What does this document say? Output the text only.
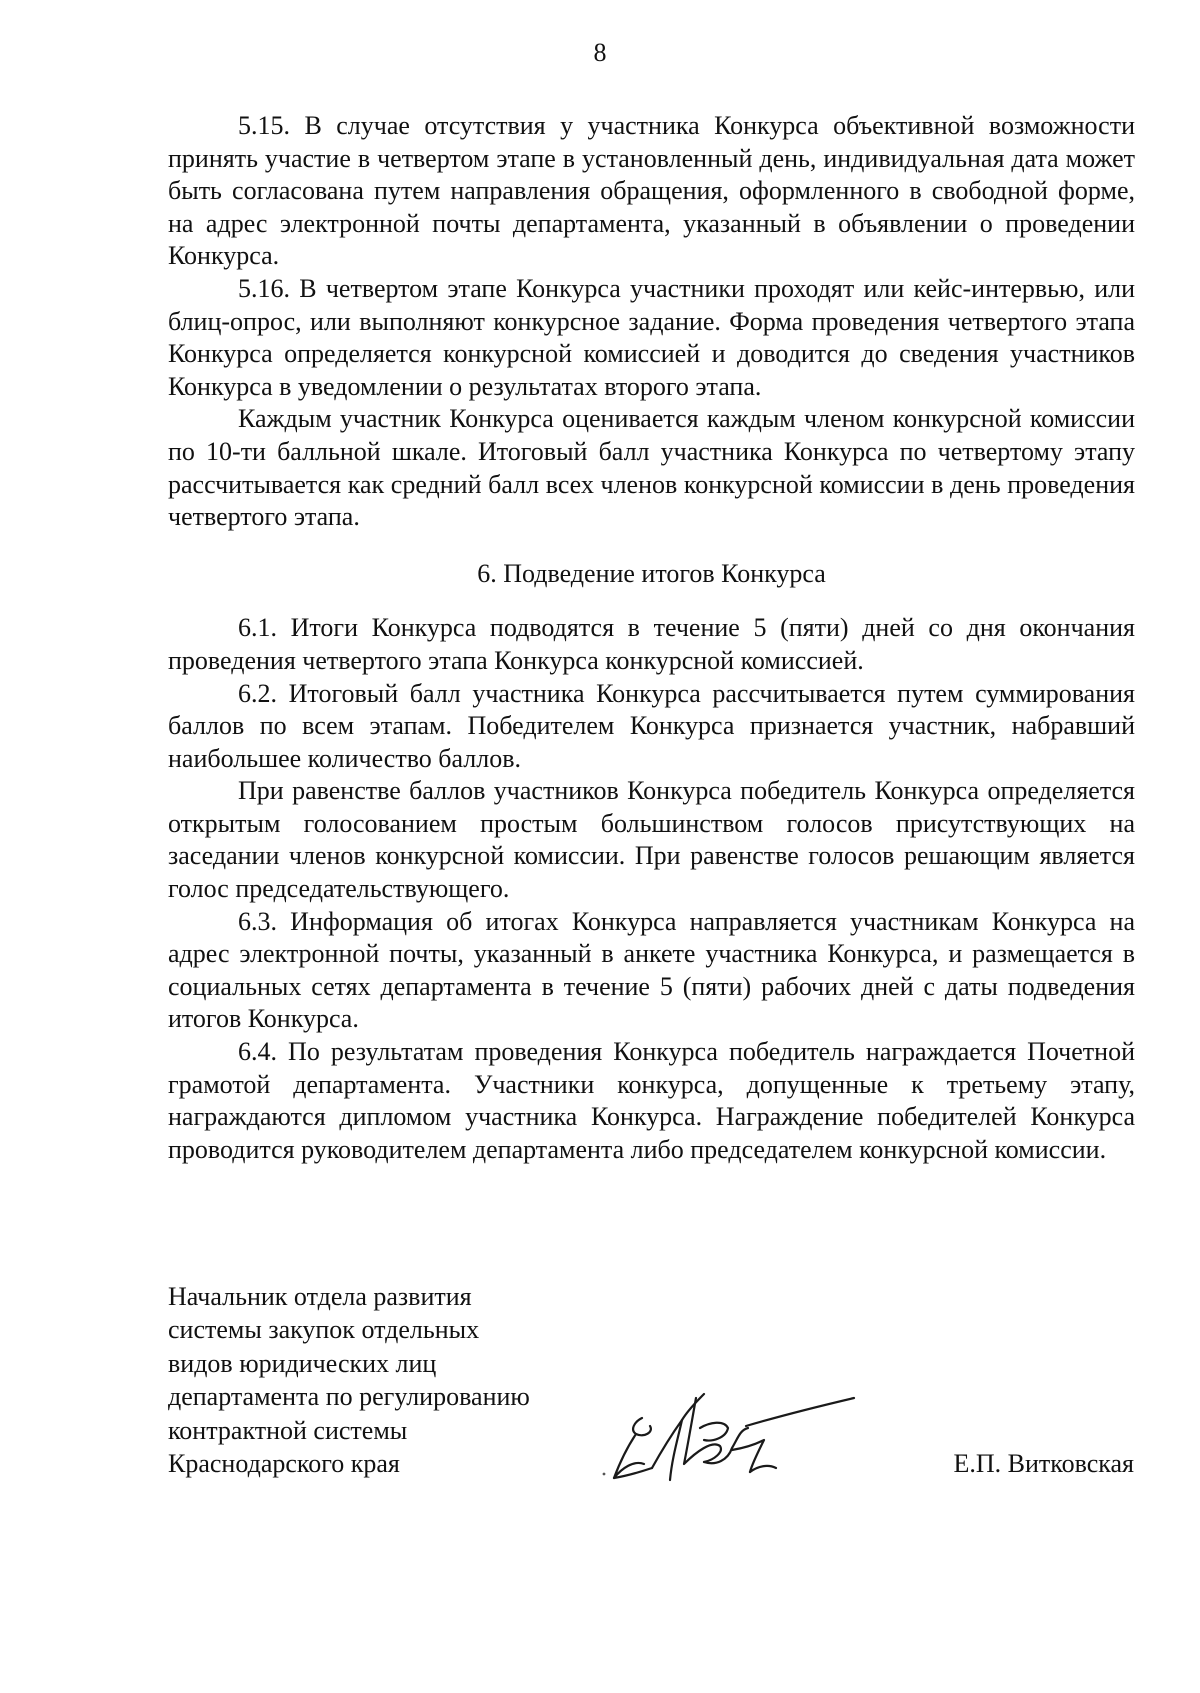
8

5.15. В случае отсутствия у участника Конкурса объективной возможности принять участие в четвертом этапе в установленный день, индивидуальная дата может быть согласована путем направления обращения, оформленного в свободной форме, на адрес электронной почты департамента, указанный в объявлении о проведении Конкурса.

5.16. В четвертом этапе Конкурса участники проходят или кейс-интервью, или блиц-опрос, или выполняют конкурсное задание. Форма проведения четвертого этапа Конкурса определяется конкурсной комиссией и доводится до сведения участников Конкурса в уведомлении о результатах второго этапа.

Каждым участник Конкурса оценивается каждым членом конкурсной комиссии по 10-ти балльной шкале. Итоговый балл участника Конкурса по четвертому этапу рассчитывается как средний балл всех членов конкурсной комиссии в день проведения четвертого этапа.

6. Подведение итогов Конкурса

6.1. Итоги Конкурса подводятся в течение 5 (пяти) дней со дня окончания проведения четвертого этапа Конкурса конкурсной комиссией.

6.2. Итоговый балл участника Конкурса рассчитывается путем суммирования баллов по всем этапам. Победителем Конкурса признается участник, набравший наибольшее количество баллов.

При равенстве баллов участников Конкурса победитель Конкурса определяется открытым голосованием простым большинством голосов присутствующих на заседании членов конкурсной комиссии. При равенстве голосов решающим является голос председательствующего.

6.3. Информация об итогах Конкурса направляется участникам Конкурса на адрес электронной почты, указанный в анкете участника Конкурса, и размещается в социальных сетях департамента в течение 5 (пяти) рабочих дней с даты подведения итогов Конкурса.

6.4. По результатам проведения Конкурса победитель награждается Почетной грамотой департамента. Участники конкурса, допущенные к третьему этапу, награждаются дипломом участника Конкурса. Награждение победителей Конкурса проводится руководителем департамента либо председателем конкурсной комиссии.

Начальник отдела развития
системы закупок отдельных
видов юридических лиц
департамента по регулированию
контрактной системы
Краснодарского края	Е.П. Витковская
